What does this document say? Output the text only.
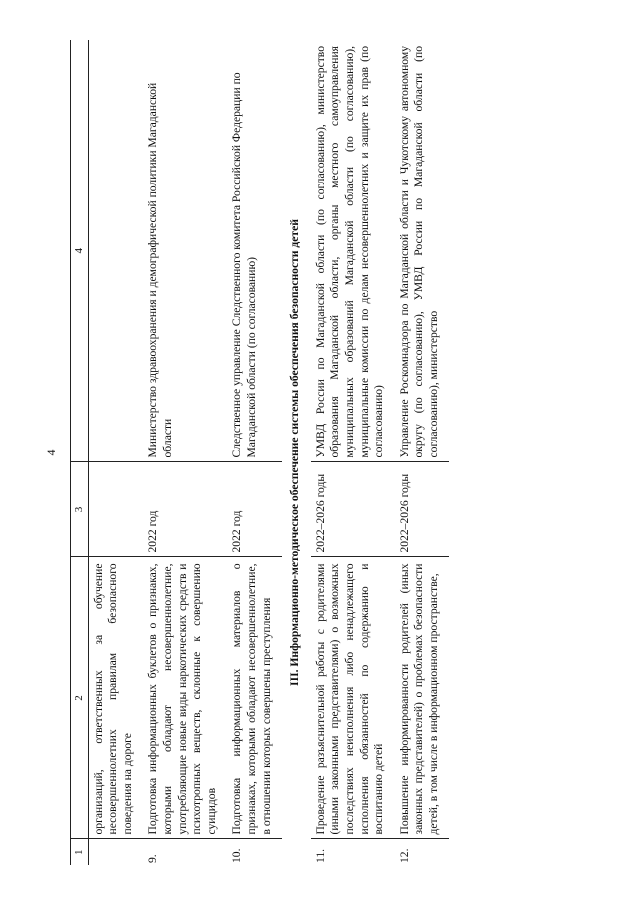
4
1	2	3	4
	организаций, ответственных за обучение несовершеннолетних правилам безопасного поведения на дороге		
9.	Подготовка информационных буклетов о признаках, которыми обладают несовершеннолетние, употребляющие новые виды наркотических средств и психотропных веществ, склонные к совершению суицидов	2022 год	Министерство здравоохранения и демографической политики Магаданской области
10.	Подготовка информационных материалов о признаках, которыми обладают несовершеннолетние, в отношении которых совершены преступления	2022 год	Следственное управление Следственного комитета Российской Федерации по Магаданской области (по согласованию)
III. Информационно-методическое обеспечение системы обеспечения безопасности детей			
11.	Проведение разъяснительной работы с родителями (иными законными представителями) о возможных последствиях неисполнения либо ненадлежащего исполнения обязанностей по содержанию и воспитанию детей	2022–2026 годы	УМВД России по Магаданской области (по согласованию), министерство образования Магаданской области, органы местного самоуправления муниципальных образований Магаданской области (по согласованию), муниципальные комиссии по делам несовершеннолетних и защите их прав (по согласованию)
12.	Повышение информированности родителей (иных законных представителей) о проблемах безопасности детей, в том числе в информационном пространстве,	2022–2026 годы	Управление Роскомнадзора по Магаданской области и Чукотскому автономному округу (по согласованию), УМВД России по Магаданской области (по согласованию), министерство
